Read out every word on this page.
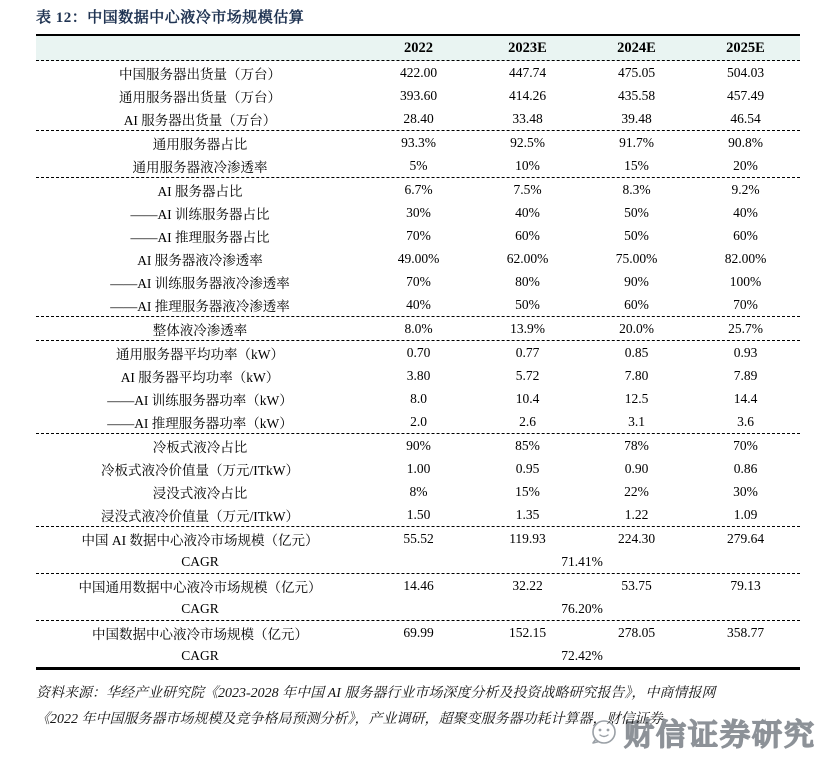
表 12：中国数据中心液冷市场规模估算
2022	2023E	2024E	2025E
中国服务器出货量（万台）	422.00	447.74	475.05	504.03
通用服务器出货量（万台）	393.60	414.26	435.58	457.49
AI 服务器出货量（万台）	28.40	33.48	39.48	46.54
通用服务器占比	93.3%	92.5%	91.7%	90.8%
通用服务器液冷渗透率	5%	10%	15%	20%
AI 服务器占比	6.7%	7.5%	8.3%	9.2%
——AI 训练服务器占比	30%	40%	50%	40%
——AI 推理服务器占比	70%	60%	50%	60%
AI 服务器液冷渗透率	49.00%	62.00%	75.00%	82.00%
——AI 训练服务器液冷渗透率	70%	80%	90%	100%
——AI 推理服务器液冷渗透率	40%	50%	60%	70%
整体液冷渗透率	8.0%	13.9%	20.0%	25.7%
通用服务器平均功率（kW）	0.70	0.77	0.85	0.93
AI 服务器平均功率（kW）	3.80	5.72	7.80	7.89
——AI 训练服务器功率（kW）	8.0	10.4	12.5	14.4
——AI 推理服务器功率（kW）	2.0	2.6	3.1	3.6
冷板式液冷占比	90%	85%	78%	70%
冷板式液冷价值量（万元/ITkW）	1.00	0.95	0.90	0.86
浸没式液冷占比	8%	15%	22%	30%
浸没式液冷价值量（万元/ITkW）	1.50	1.35	1.22	1.09
中国 AI 数据中心液冷市场规模（亿元）	55.52	119.93	224.30	279.64
CAGR	71.41%
中国通用数据中心液冷市场规模（亿元）	14.46	32.22	53.75	79.13
CAGR	76.20%
中国数据中心液冷市场规模（亿元）	69.99	152.15	278.05	358.77
CAGR	72.42%
资料来源：华经产业研究院《2023-2028 年中国 AI 服务器行业市场深度分析及投资战略研究报告》，中商情报网
《2022 年中国服务器市场规模及竞争格局预测分析》，产业调研，超聚变服务器功耗计算器，财信证券
财信证券研究
